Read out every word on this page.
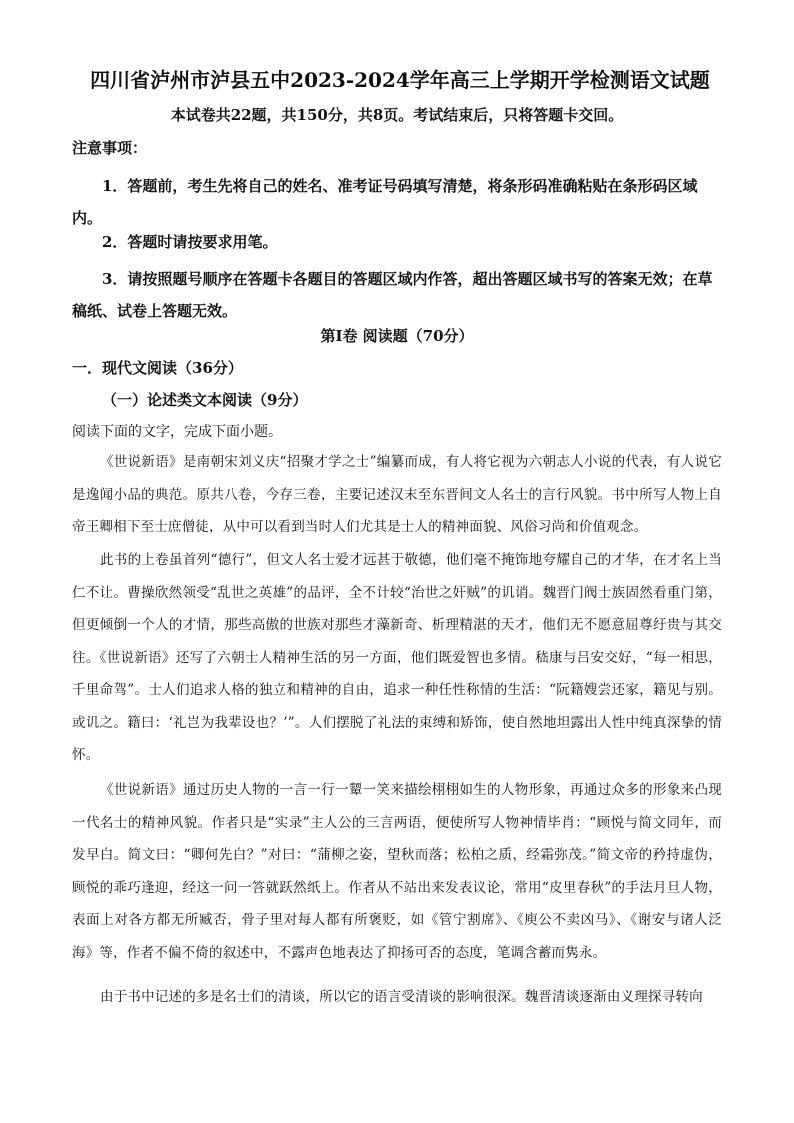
四川省泸州市泸县五中2023-2024学年高三上学期开学检测语文试题
本试卷共22题，共150分，共8页。考试结束后，只将答题卡交回。
注意事项：
1．答题前，考生先将自己的姓名、准考证号码填写清楚，将条形码准确粘贴在条形码区域内。
2．答题时请按要求用笔。
3．请按照题号顺序在答题卡各题目的答题区域内作答，超出答题区域书写的答案无效；在草稿纸、试卷上答题无效。
第I卷 阅读题（70分）
一．现代文阅读（36分）
（一）论述类文本阅读（9分）
阅读下面的文字，完成下面小题。
《世说新语》是南朝宋刘义庆“招聚才学之士”编纂而成，有人将它视为六朝志人小说的代表，有人说它是逸闻小品的典范。原共八卷，今存三卷，主要记述汉末至东晋间文人名士的言行风貌。书中所写人物上自帝王卿相下至士庶僧徒，从中可以看到当时人们尤其是士人的精神面貌、风俗习尚和价值观念。
此书的上卷虽首列“德行”，但文人名士爱才远甚于敬德，他们毫不掩饰地夸耀自己的才华，在才名上当仁不让。曹操欣然领受“乱世之英雄”的品评，全不计较“治世之奸贼”的讥诮。魏晋门阀士族固然看重门第，但更倾倒一个人的才情，那些高傲的世族对那些才藻新奇、析理精湛的天才，他们无不愿意屈尊纡贵与其交往。《世说新语》还写了六朝士人精神生活的另一方面，他们既爱智也多情。嵇康与吕安交好，“每一相思，千里命驾”。士人们追求人格的独立和精神的自由，追求一种任性称情的生活：“阮籍嫂尝还家，籍见与别。或讥之。籍曰：‘礼岂为我辈设也？’”。人们摆脱了礼法的束缚和矫饰，使自然地坦露出人性中纯真深挚的情怀。
《世说新语》通过历史人物的一言一行一颦一笑来描绘栩栩如生的人物形象，再通过众多的形象来凸现一代名士的精神风貌。作者只是“实录”主人公的三言两语，便使所写人物神情毕肖：“顾悦与简文同年，而发早白。简文曰：“卿何先白？”对曰：“蒲柳之姿，望秋而落；松柏之质，经霜弥茂。”简文帝的矜持虚伪，顾悦的乖巧逢迎，经这一问一答就跃然纸上。作者从不站出来发表议论，常用“皮里春秋”的手法月旦人物，表面上对各方都无所臧否，骨子里对每人都有所褒贬，如《管宁割席》、《庾公不卖凶马》、《谢安与诸人泛海》等，作者不偏不倚的叙述中，不露声色地表达了抑扬可否的态度，笔调含蓄而隽永。
由于书中记述的多是名士们的清谈，所以它的语言受清谈的影响很深。魏晋清谈逐渐由义理探寻转向
